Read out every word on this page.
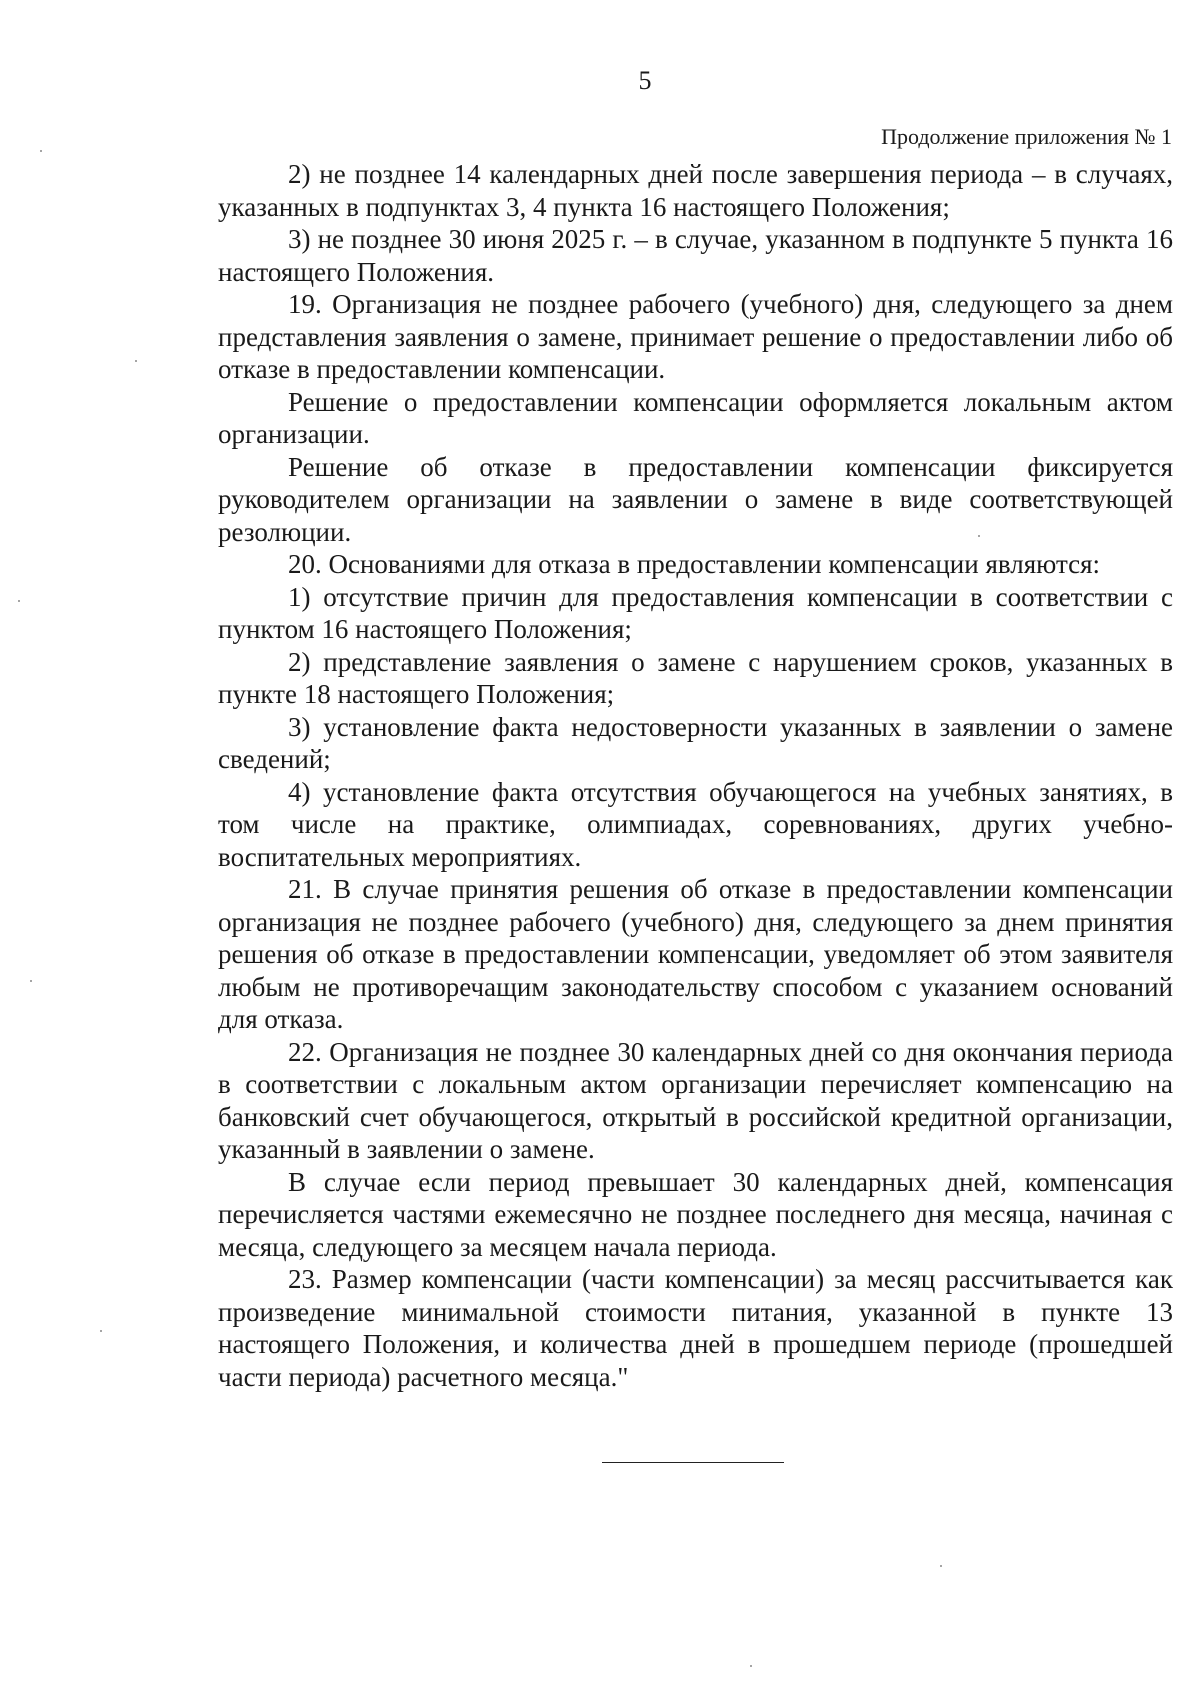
5
Продолжение приложения № 1

2) не позднее 14 календарных дней после завершения периода – в случаях, указанных в подпунктах 3, 4 пункта 16 настоящего Положения;

3) не позднее 30 июня 2025 г. – в случае, указанном в подпункте 5 пункта 16 настоящего Положения.

19. Организация не позднее рабочего (учебного) дня, следующего за днем представления заявления о замене, принимает решение о предоставлении либо об отказе в предоставлении компенсации.

Решение о предоставлении компенсации оформляется локальным актом организации.

Решение об отказе в предоставлении компенсации фиксируется руководителем организации на заявлении о замене в виде соответствующей резолюции.

20. Основаниями для отказа в предоставлении компенсации являются:

1) отсутствие причин для предоставления компенсации в соответствии с пунктом 16 настоящего Положения;

2) представление заявления о замене с нарушением сроков, указанных в пункте 18 настоящего Положения;

3) установление факта недостоверности указанных в заявлении о замене сведений;

4) установление факта отсутствия обучающегося на учебных занятиях, в том числе на практике, олимпиадах, соревнованиях, других учебно-воспитательных мероприятиях.

21. В случае принятия решения об отказе в предоставлении компенсации организация не позднее рабочего (учебного) дня, следующего за днем принятия решения об отказе в предоставлении компенсации, уведомляет об этом заявителя любым не противоречащим законодательству способом с указанием оснований для отказа.

22. Организация не позднее 30 календарных дней со дня окончания периода в соответствии с локальным актом организации перечисляет компенсацию на банковский счет обучающегося, открытый в российской кредитной организации, указанный в заявлении о замене.

В случае если период превышает 30 календарных дней, компенсация перечисляется частями ежемесячно не позднее последнего дня месяца, начиная с месяца, следующего за месяцем начала периода.

23. Размер компенсации (части компенсации) за месяц рассчитывается как произведение минимальной стоимости питания, указанной в пункте 13 настоящего Положения, и количества дней в прошедшем периоде (прошедшей части периода) расчетного месяца."
